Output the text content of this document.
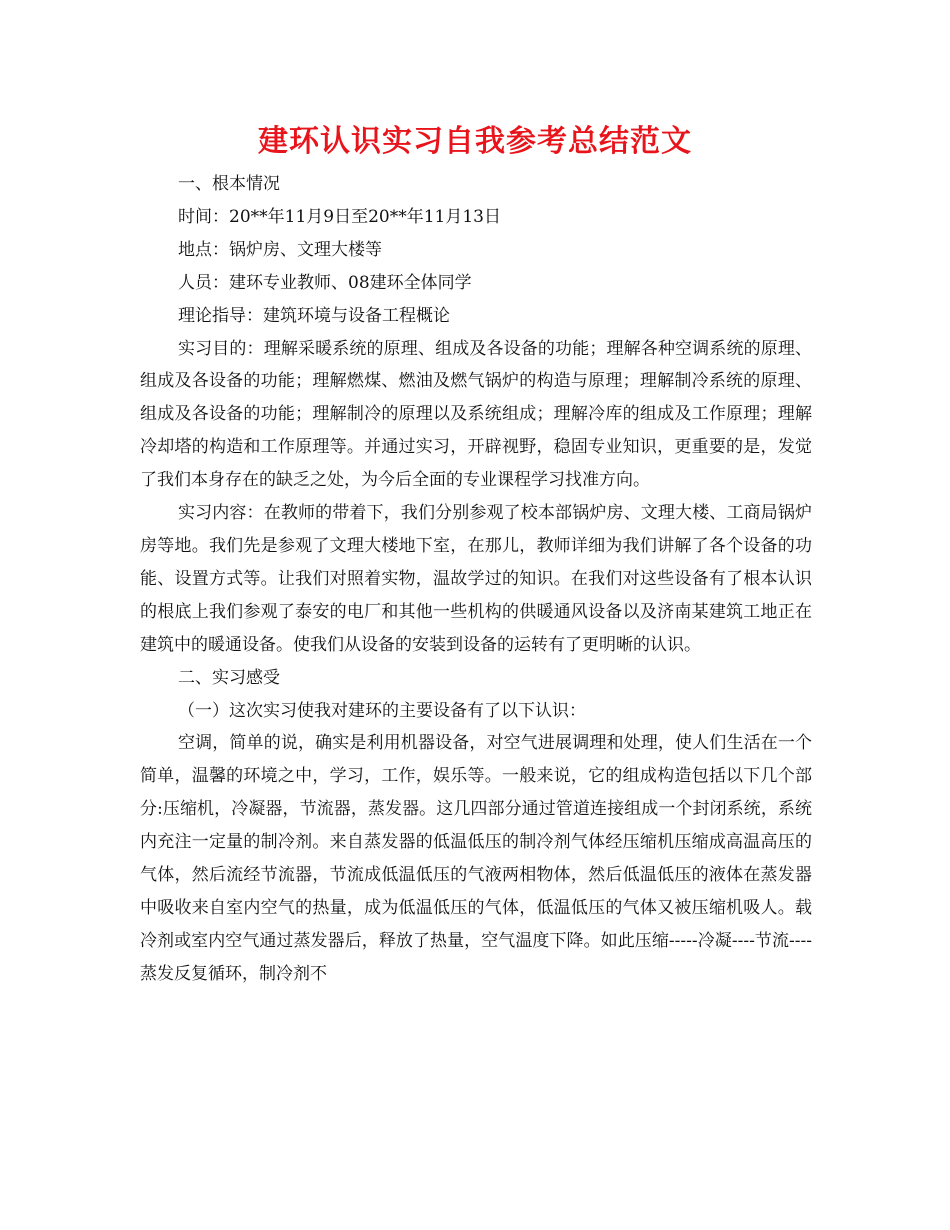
建环认识实习自我参考总结范文

一、根本情况

时间：20**年11月9日至20**年11月13日

地点：锅炉房、文理大楼等

人员：建环专业教师、08建环全体同学

理论指导：建筑环境与设备工程概论

实习目的：理解采暖系统的原理、组成及各设备的功能；理解各种空调系统的原理、组成及各设备的功能；理解燃煤、燃油及燃气锅炉的构造与原理；理解制冷系统的原理、组成及各设备的功能；理解制冷的原理以及系统组成；理解冷库的组成及工作原理；理解冷却塔的构造和工作原理等。并通过实习，开辟视野，稳固专业知识，更重要的是，发觉了我们本身存在的缺乏之处，为今后全面的专业课程学习找准方向。

实习内容：在教师的带着下，我们分别参观了校本部锅炉房、文理大楼、工商局锅炉房等地。我们先是参观了文理大楼地下室，在那儿，教师详细为我们讲解了各个设备的功能、设置方式等。让我们对照着实物，温故学过的知识。在我们对这些设备有了根本认识的根底上我们参观了泰安的电厂和其他一些机构的供暖通风设备以及济南某建筑工地正在建筑中的暖通设备。使我们从设备的安装到设备的运转有了更明晰的认识。

二、实习感受

（一）这次实习使我对建环的主要设备有了以下认识：

空调，简单的说，确实是利用机器设备，对空气进展调理和处理，使人们生活在一个简单，温馨的环境之中，学习，工作，娱乐等。一般来说，它的组成构造包括以下几个部分:压缩机，冷凝器，节流器，蒸发器。这几四部分通过管道连接组成一个封闭系统，系统内充注一定量的制冷剂。来自蒸发器的低温低压的制冷剂气体经压缩机压缩成高温高压的气体，然后流经节流器，节流成低温低压的气液两相物体，然后低温低压的液体在蒸发器中吸收来自室内空气的热量，成为低温低压的气体，低温低压的气体又被压缩机吸人。载冷剂或室内空气通过蒸发器后，释放了热量，空气温度下降。如此压缩-----冷凝----节流----蒸发反复循环，制冷剂不
